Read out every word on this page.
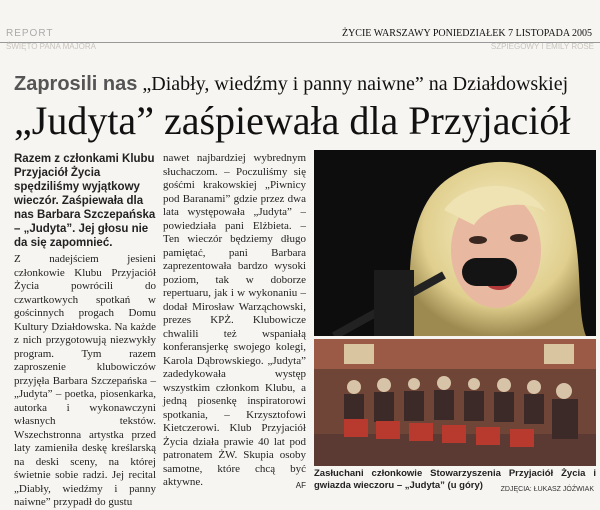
REPORT	ŻYCIE WARSZAWY PONIEDZIAŁEK 7 LISTOPADA 2005
ŚWIĘTO PANA MAJORA	SZPIEGOWY I EMILY ROSE
Zaprosili nas „Diabły, wiedźmy i panny naiwne” na Działdowskiej
„Judyta” zaśpiewała dla Przyjaciół
Razem z członkami Klubu Przyjaciół Życia spędziliśmy wyjątkowy wieczór. Zaśpiewała dla nas Barbara Szczepańska – „Judyta”. Jej głosu nie da się zapomnieć.
Z nadejściem jesieni członkowie Klubu Przyjaciół Życia powrócili do czwartkowych spotkań w gościnnych progach Domu Kultury Działdowska. Na każde z nich przygotowują niezwykły program. Tym razem zaproszenie klubowiczów przyjęła Barbara Szczepańska – „Judyta” – poetka, piosenkarka, autorka i wykonawczyni własnych tekstów. Wszechstronna artystka przed laty zamieniła deskę kreślarską na deski sceny, na której świetnie sobie radzi. Jej recital „Diabły, wiedźmy i panny naiwne” przypadł do gustu
nawet najbardziej wybrednym słuchaczom. – Poczuliśmy się gośćmi krakowskiej „Piwnicy pod Baranami” gdzie przez dwa lata występowała „Judyta” – powiedziała pani Elżbieta. – Ten wieczór będziemy długo pamiętać, pani Barbara zaprezentowała bardzo wysoki poziom, tak w doborze repertuaru, jak i w wykonaniu – dodał Mirosław Warząchowski, prezes KPŻ. Klubowicze chwalili też wspaniałą konferansjerkę swojego kolegi, Karola Dąbrowskiego. „Judyta” zadedykowała występ wszystkim członkom Klubu, a jedną piosenkę inspiratorowi spotkania, – Krzysztofowi Kietczerowi. Klub Przyjaciół Życia działa prawie 40 lat pod patronatem ŻW. Skupia osoby samotne, które chcą być aktywne.	AF
Zasłuchani członkowie Stowarzyszenia Przyjaciół Życia i gwiazda wieczoru – „Judyta” (u góry)	ZDJĘCIA: ŁUKASZ JÓŹWIAK
